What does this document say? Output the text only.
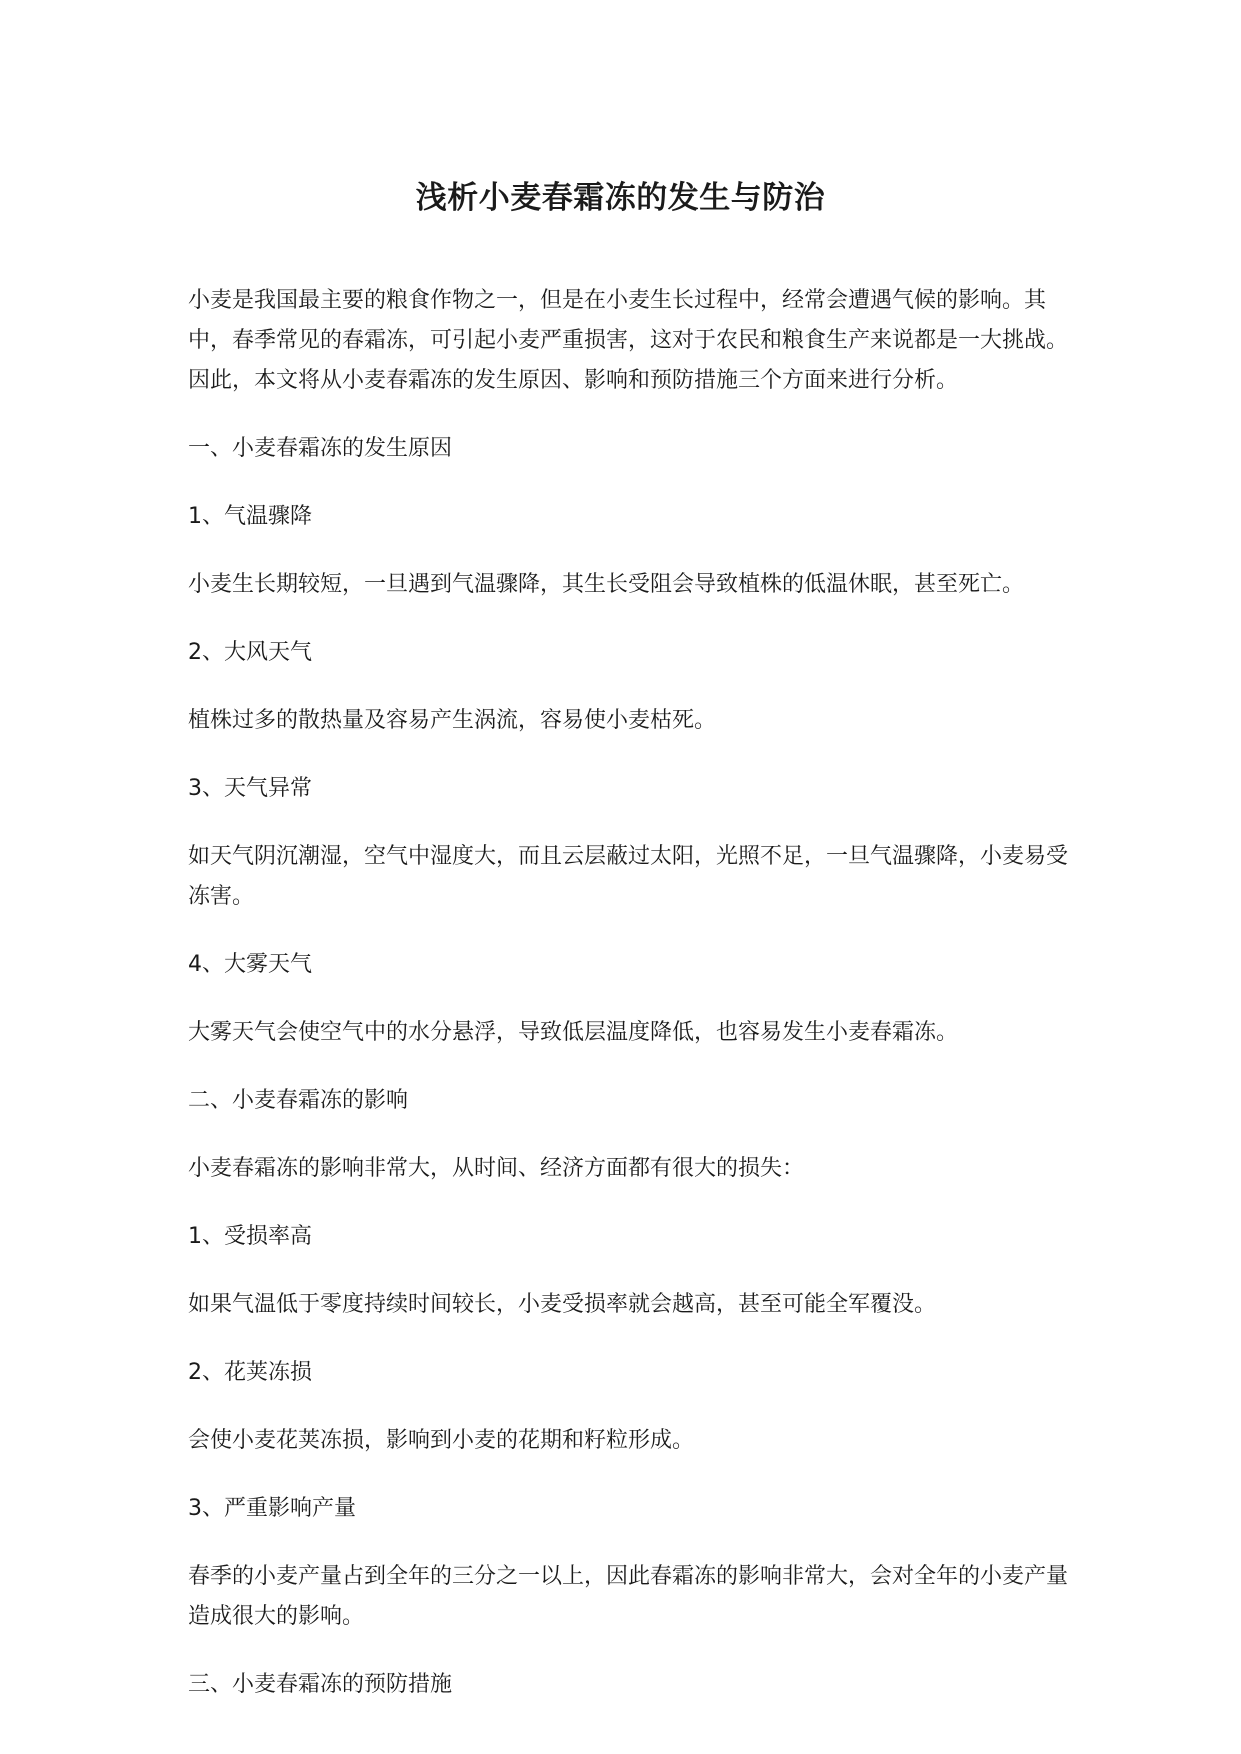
浅析小麦春霜冻的发生与防治

小麦是我国最主要的粮食作物之一，但是在小麦生长过程中，经常会遭遇气候的影响。其中，春季常见的春霜冻，可引起小麦严重损害，这对于农民和粮食生产来说都是一大挑战。因此，本文将从小麦春霜冻的发生原因、影响和预防措施三个方面来进行分析。

一、小麦春霜冻的发生原因

1、气温骤降

小麦生长期较短，一旦遇到气温骤降，其生长受阻会导致植株的低温休眠，甚至死亡。

2、大风天气

植株过多的散热量及容易产生涡流，容易使小麦枯死。

3、天气异常

如天气阴沉潮湿，空气中湿度大，而且云层蔽过太阳，光照不足，一旦气温骤降，小麦易受冻害。

4、大雾天气

大雾天气会使空气中的水分悬浮，导致低层温度降低，也容易发生小麦春霜冻。

二、小麦春霜冻的影响

小麦春霜冻的影响非常大，从时间、经济方面都有很大的损失：

1、受损率高

如果气温低于零度持续时间较长，小麦受损率就会越高，甚至可能全军覆没。

2、花荚冻损

会使小麦花荚冻损，影响到小麦的花期和籽粒形成。

3、严重影响产量

春季的小麦产量占到全年的三分之一以上，因此春霜冻的影响非常大，会对全年的小麦产量造成很大的影响。

三、小麦春霜冻的预防措施
